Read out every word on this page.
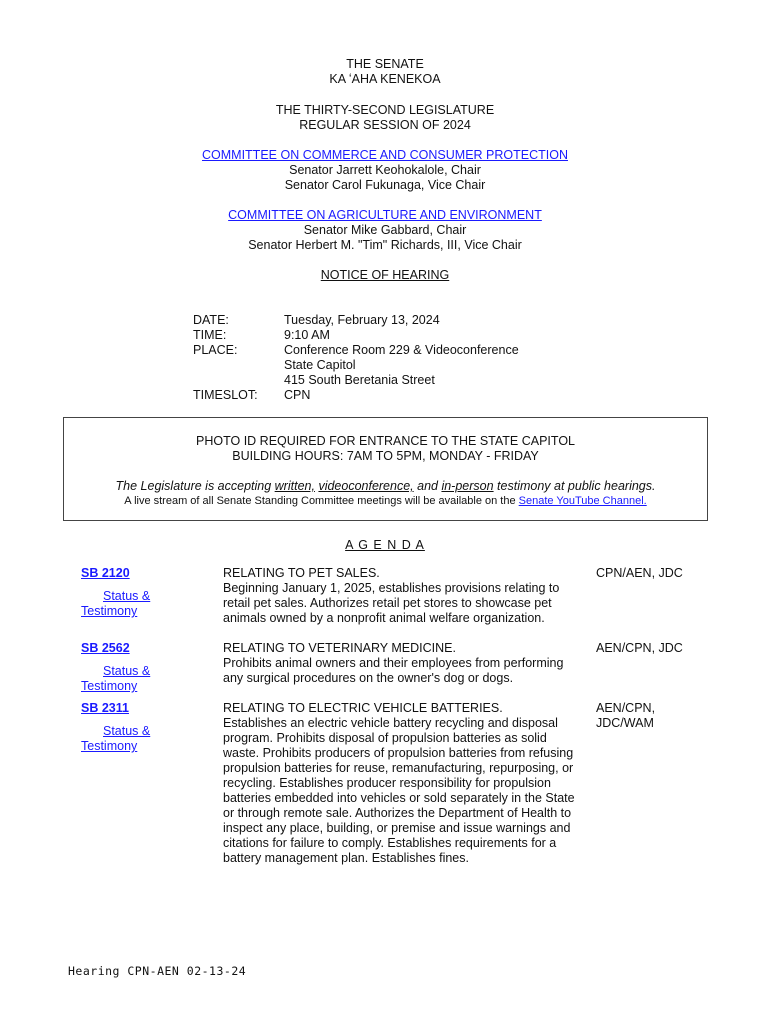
THE SENATE
KA ʻAHA KENEKOA
THE THIRTY-SECOND LEGISLATURE
REGULAR SESSION OF 2024
COMMITTEE ON COMMERCE AND CONSUMER PROTECTION
Senator Jarrett Keohokalole, Chair
Senator Carol Fukunaga, Vice Chair
COMMITTEE ON AGRICULTURE AND ENVIRONMENT
Senator Mike Gabbard, Chair
Senator Herbert M. "Tim" Richards, III, Vice Chair
NOTICE OF HEARING
DATE:	Tuesday, February 13, 2024
TIME:	9:10 AM
PLACE:	Conference Room 229 & Videoconference
State Capitol
415 South Beretania Street
TIMESLOT: CPN
PHOTO ID REQUIRED FOR ENTRANCE TO THE STATE CAPITOL
BUILDING HOURS: 7AM TO 5PM, MONDAY - FRIDAY
The Legislature is accepting written, videoconference, and in-person testimony at public hearings.
A live stream of all Senate Standing Committee meetings will be available on the Senate YouTube Channel.
A G E N D A
SB 2120
Status &
Testimony
RELATING TO PET SALES.
Beginning January 1, 2025, establishes provisions relating to
retail pet sales. Authorizes retail pet stores to showcase pet
animals owned by a nonprofit animal welfare organization.
CPN/AEN, JDC
SB 2562
Status &
Testimony
RELATING TO VETERINARY MEDICINE.
Prohibits animal owners and their employees from performing
any surgical procedures on the owner's dog or dogs.
AEN/CPN, JDC
SB 2311
Status &
Testimony
RELATING TO ELECTRIC VEHICLE BATTERIES.
Establishes an electric vehicle battery recycling and disposal
program. Prohibits disposal of propulsion batteries as solid
waste. Prohibits producers of propulsion batteries from refusing
propulsion batteries for reuse, remanufacturing, repurposing, or
recycling. Establishes producer responsibility for propulsion
batteries embedded into vehicles or sold separately in the State
or through remote sale. Authorizes the Department of Health to
inspect any place, building, or premise and issue warnings and
citations for failure to comply. Establishes requirements for a
battery management plan. Establishes fines.
AEN/CPN,
JDC/WAM
Hearing CPN-AEN 02-13-24
